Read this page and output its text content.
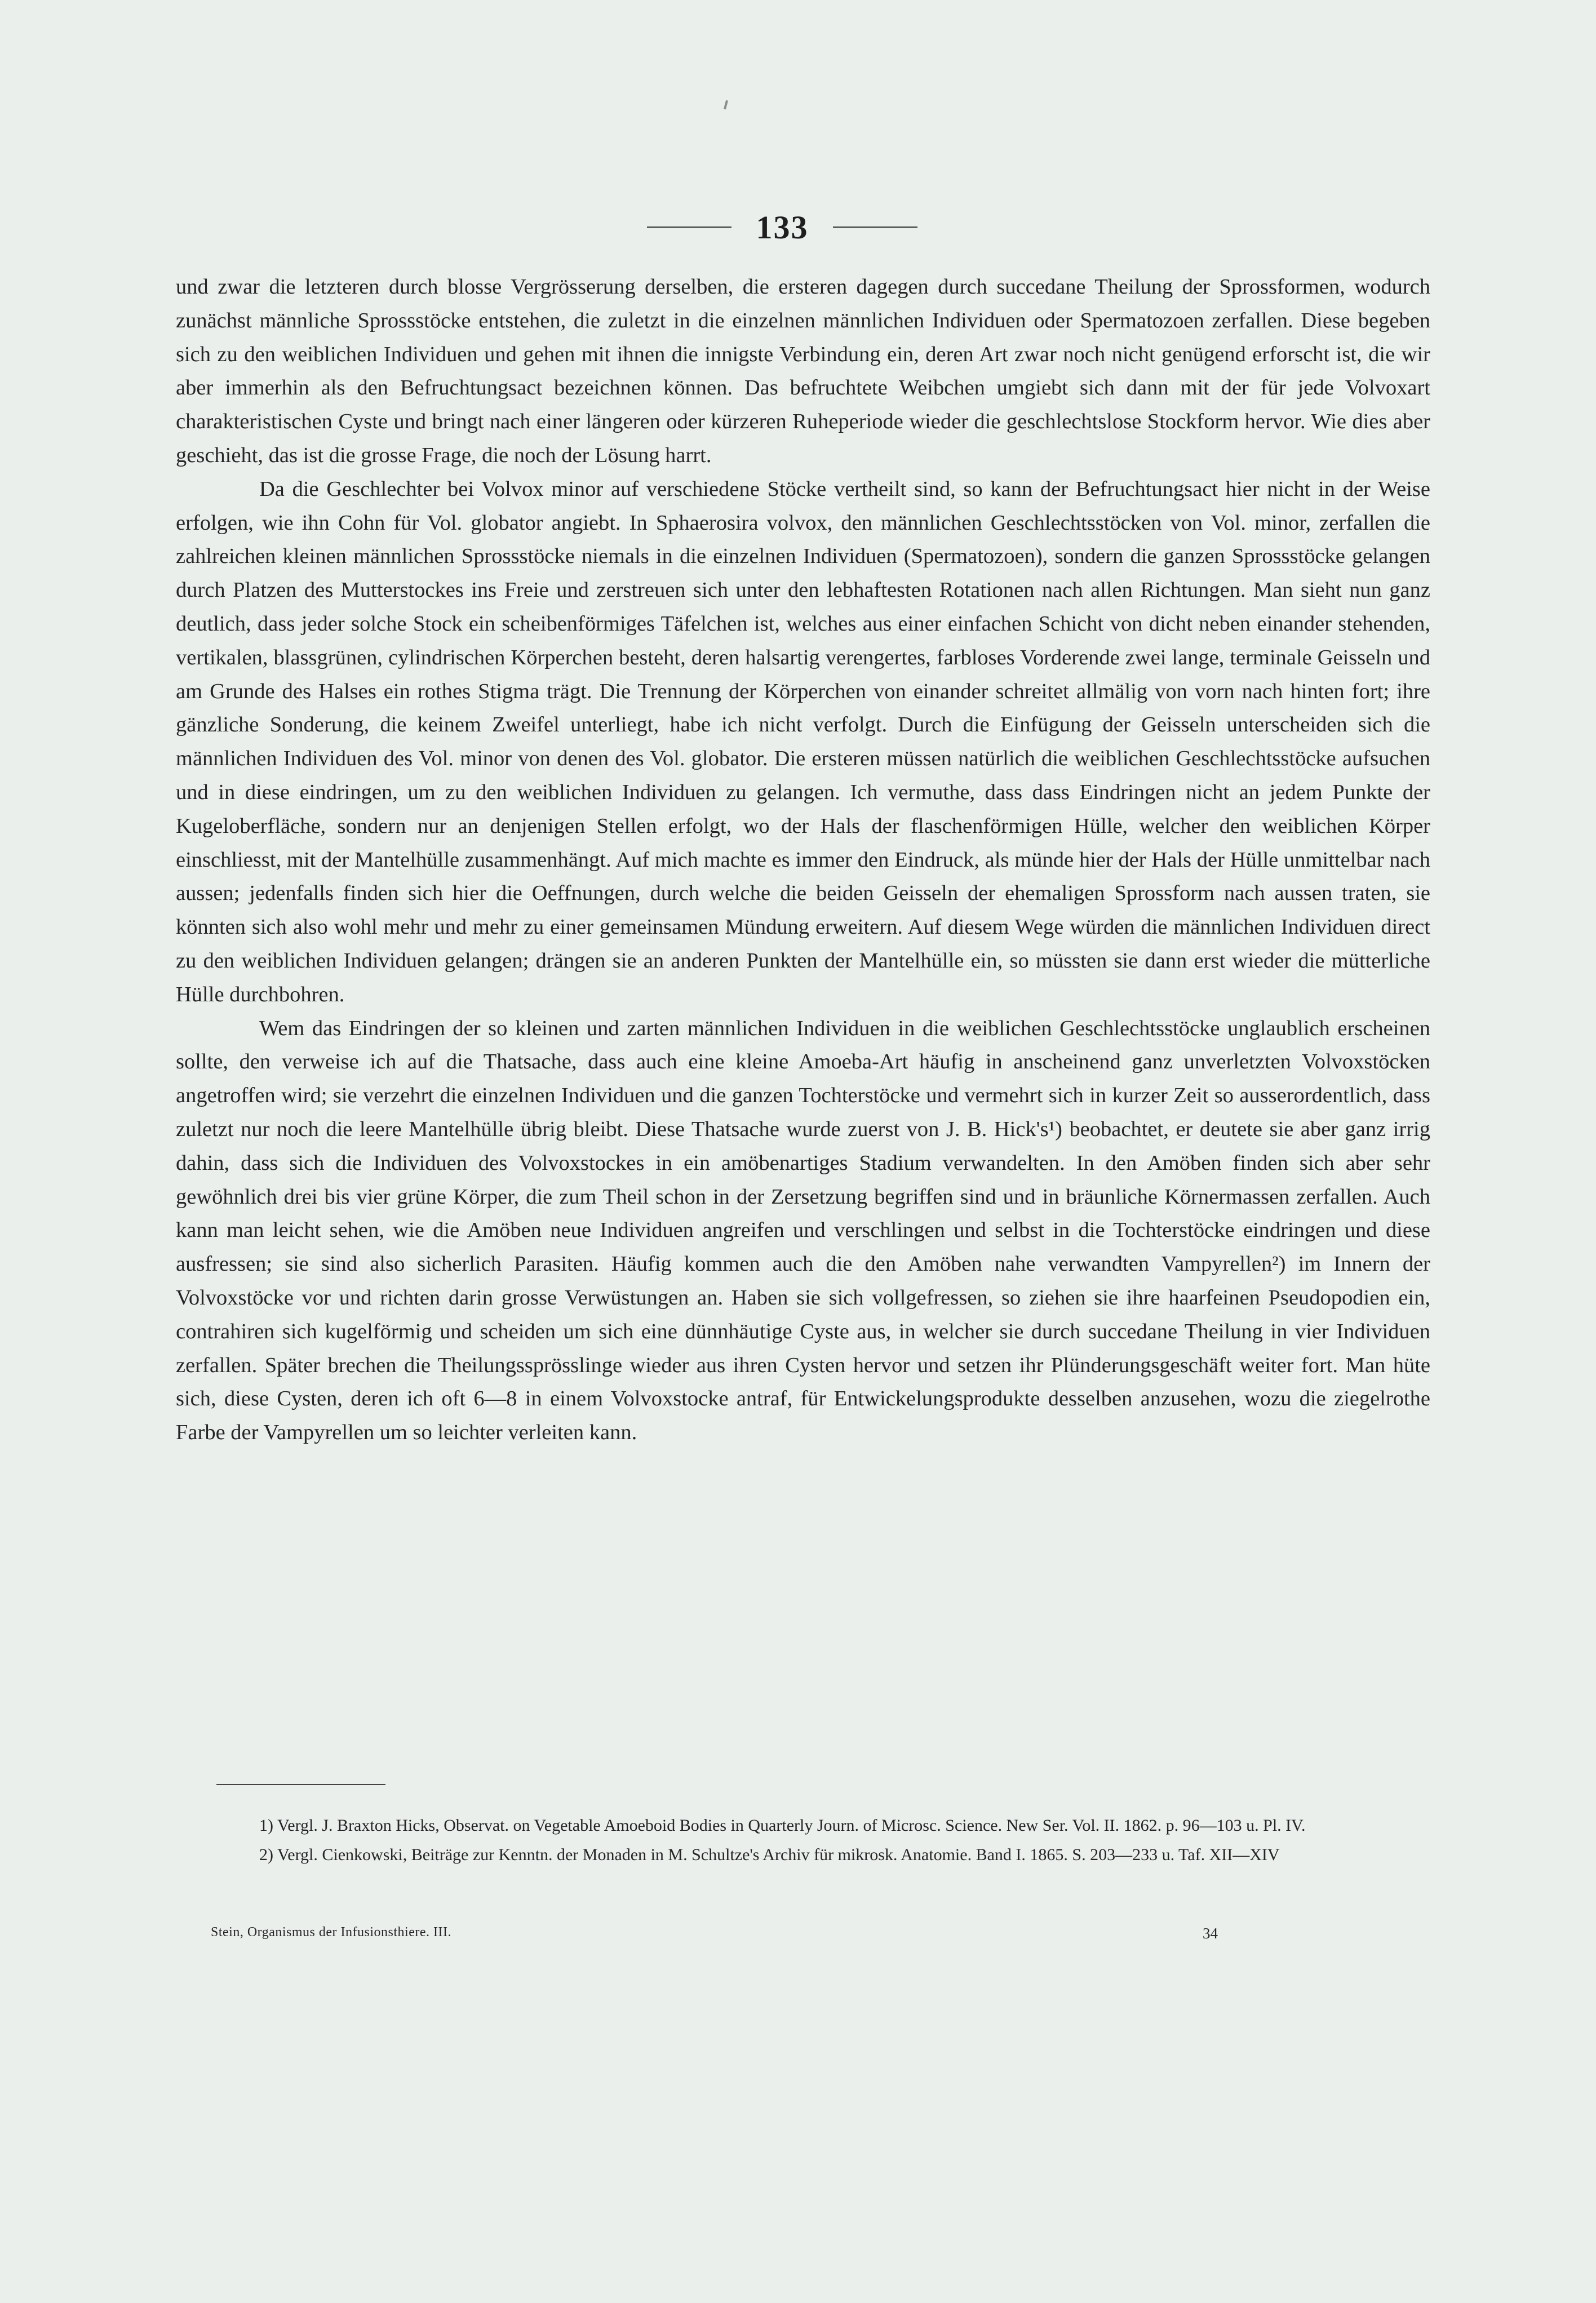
133

und zwar die letzteren durch blosse Vergrösserung derselben, die ersteren dagegen durch succedane Theilung der Sprossformen, wodurch zunächst männliche Sprossstöcke entstehen, die zuletzt in die einzelnen männlichen Individuen oder Spermatozoen zerfallen. Diese begeben sich zu den weiblichen Individuen und gehen mit ihnen die innigste Verbindung ein, deren Art zwar noch nicht genügend erforscht ist, die wir aber immerhin als den Befruchtungsact bezeichnen können. Das befruchtete Weibchen umgiebt sich dann mit der für jede Volvoxart charakteristischen Cyste und bringt nach einer längeren oder kürzeren Ruheperiode wieder die geschlechtslose Stockform hervor. Wie dies aber geschieht, das ist die grosse Frage, die noch der Lösung harrt.

Da die Geschlechter bei Volvox minor auf verschiedene Stöcke vertheilt sind, so kann der Befruchtungsact hier nicht in der Weise erfolgen, wie ihn Cohn für Vol. globator angiebt. In Sphaerosira volvox, den männlichen Geschlechtsstöcken von Vol. minor, zerfallen die zahlreichen kleinen männlichen Sprossstöcke niemals in die einzelnen Individuen (Spermatozoen), sondern die ganzen Sprossstöcke gelangen durch Platzen des Mutterstockes ins Freie und zerstreuen sich unter den lebhaftesten Rotationen nach allen Richtungen. Man sieht nun ganz deutlich, dass jeder solche Stock ein scheibenförmiges Täfelchen ist, welches aus einer einfachen Schicht von dicht neben einander stehenden, vertikalen, blassgrünen, cylindrischen Körperchen besteht, deren halsartig verengertes, farbloses Vorderende zwei lange, terminale Geisseln und am Grunde des Halses ein rothes Stigma trägt. Die Trennung der Körperchen von einander schreitet allmälig von vorn nach hinten fort; ihre gänzliche Sonderung, die keinem Zweifel unterliegt, habe ich nicht verfolgt. Durch die Einfügung der Geisseln unterscheiden sich die männlichen Individuen des Vol. minor von denen des Vol. globator. Die ersteren müssen natürlich die weiblichen Geschlechtsstöcke aufsuchen und in diese eindringen, um zu den weiblichen Individuen zu gelangen. Ich vermuthe, dass dass Eindringen nicht an jedem Punkte der Kugeloberfläche, sondern nur an denjenigen Stellen erfolgt, wo der Hals der flaschenförmigen Hülle, welcher den weiblichen Körper einschliesst, mit der Mantelhülle zusammenhängt. Auf mich machte es immer den Eindruck, als münde hier der Hals der Hülle unmittelbar nach aussen; jedenfalls finden sich hier die Oeffnungen, durch welche die beiden Geisseln der ehemaligen Sprossform nach aussen traten, sie könnten sich also wohl mehr und mehr zu einer gemeinsamen Mündung erweitern. Auf diesem Wege würden die männlichen Individuen direct zu den weiblichen Individuen gelangen; drängen sie an anderen Punkten der Mantelhülle ein, so müssten sie dann erst wieder die mütterliche Hülle durchbohren.

Wem das Eindringen der so kleinen und zarten männlichen Individuen in die weiblichen Geschlechtsstöcke unglaublich erscheinen sollte, den verweise ich auf die Thatsache, dass auch eine kleine Amoeba-Art häufig in anscheinend ganz unverletzten Volvoxstöcken angetroffen wird; sie verzehrt die einzelnen Individuen und die ganzen Tochterstöcke und vermehrt sich in kurzer Zeit so ausserordentlich, dass zuletzt nur noch die leere Mantelhülle übrig bleibt. Diese Thatsache wurde zuerst von J. B. Hick's¹) beobachtet, er deutete sie aber ganz irrig dahin, dass sich die Individuen des Volvoxstockes in ein amöbenartiges Stadium verwandelten. In den Amöben finden sich aber sehr gewöhnlich drei bis vier grüne Körper, die zum Theil schon in der Zersetzung begriffen sind und in bräunliche Körnermassen zerfallen. Auch kann man leicht sehen, wie die Amöben neue Individuen angreifen und verschlingen und selbst in die Tochterstöcke eindringen und diese ausfressen; sie sind also sicherlich Parasiten. Häufig kommen auch die den Amöben nahe verwandten Vampyrellen²) im Innern der Volvoxstöcke vor und richten darin grosse Verwüstungen an. Haben sie sich vollgefressen, so ziehen sie ihre haarfeinen Pseudopodien ein, contrahiren sich kugelförmig und scheiden um sich eine dünnhäutige Cyste aus, in welcher sie durch succedane Theilung in vier Individuen zerfallen. Später brechen die Theilungssprösslinge wieder aus ihren Cysten hervor und setzen ihr Plünderungsgeschäft weiter fort. Man hüte sich, diese Cysten, deren ich oft 6—8 in einem Volvoxstocke antraf, für Entwickelungsprodukte desselben anzusehen, wozu die ziegelrothe Farbe der Vampyrellen um so leichter verleiten kann.

1) Vergl. J. Braxton Hicks, Observat. on Vegetable Amoeboid Bodies in Quarterly Journ. of Microsc. Science. New Ser. Vol. II. 1862. p. 96—103 u. Pl. IV.

2) Vergl. Cienkowski, Beiträge zur Kenntn. der Monaden in M. Schultze's Archiv für mikrosk. Anatomie. Band I. 1865. S. 203—233 u. Taf. XII—XIV

Stein, Organismus der Infusionsthiere. III.	34
